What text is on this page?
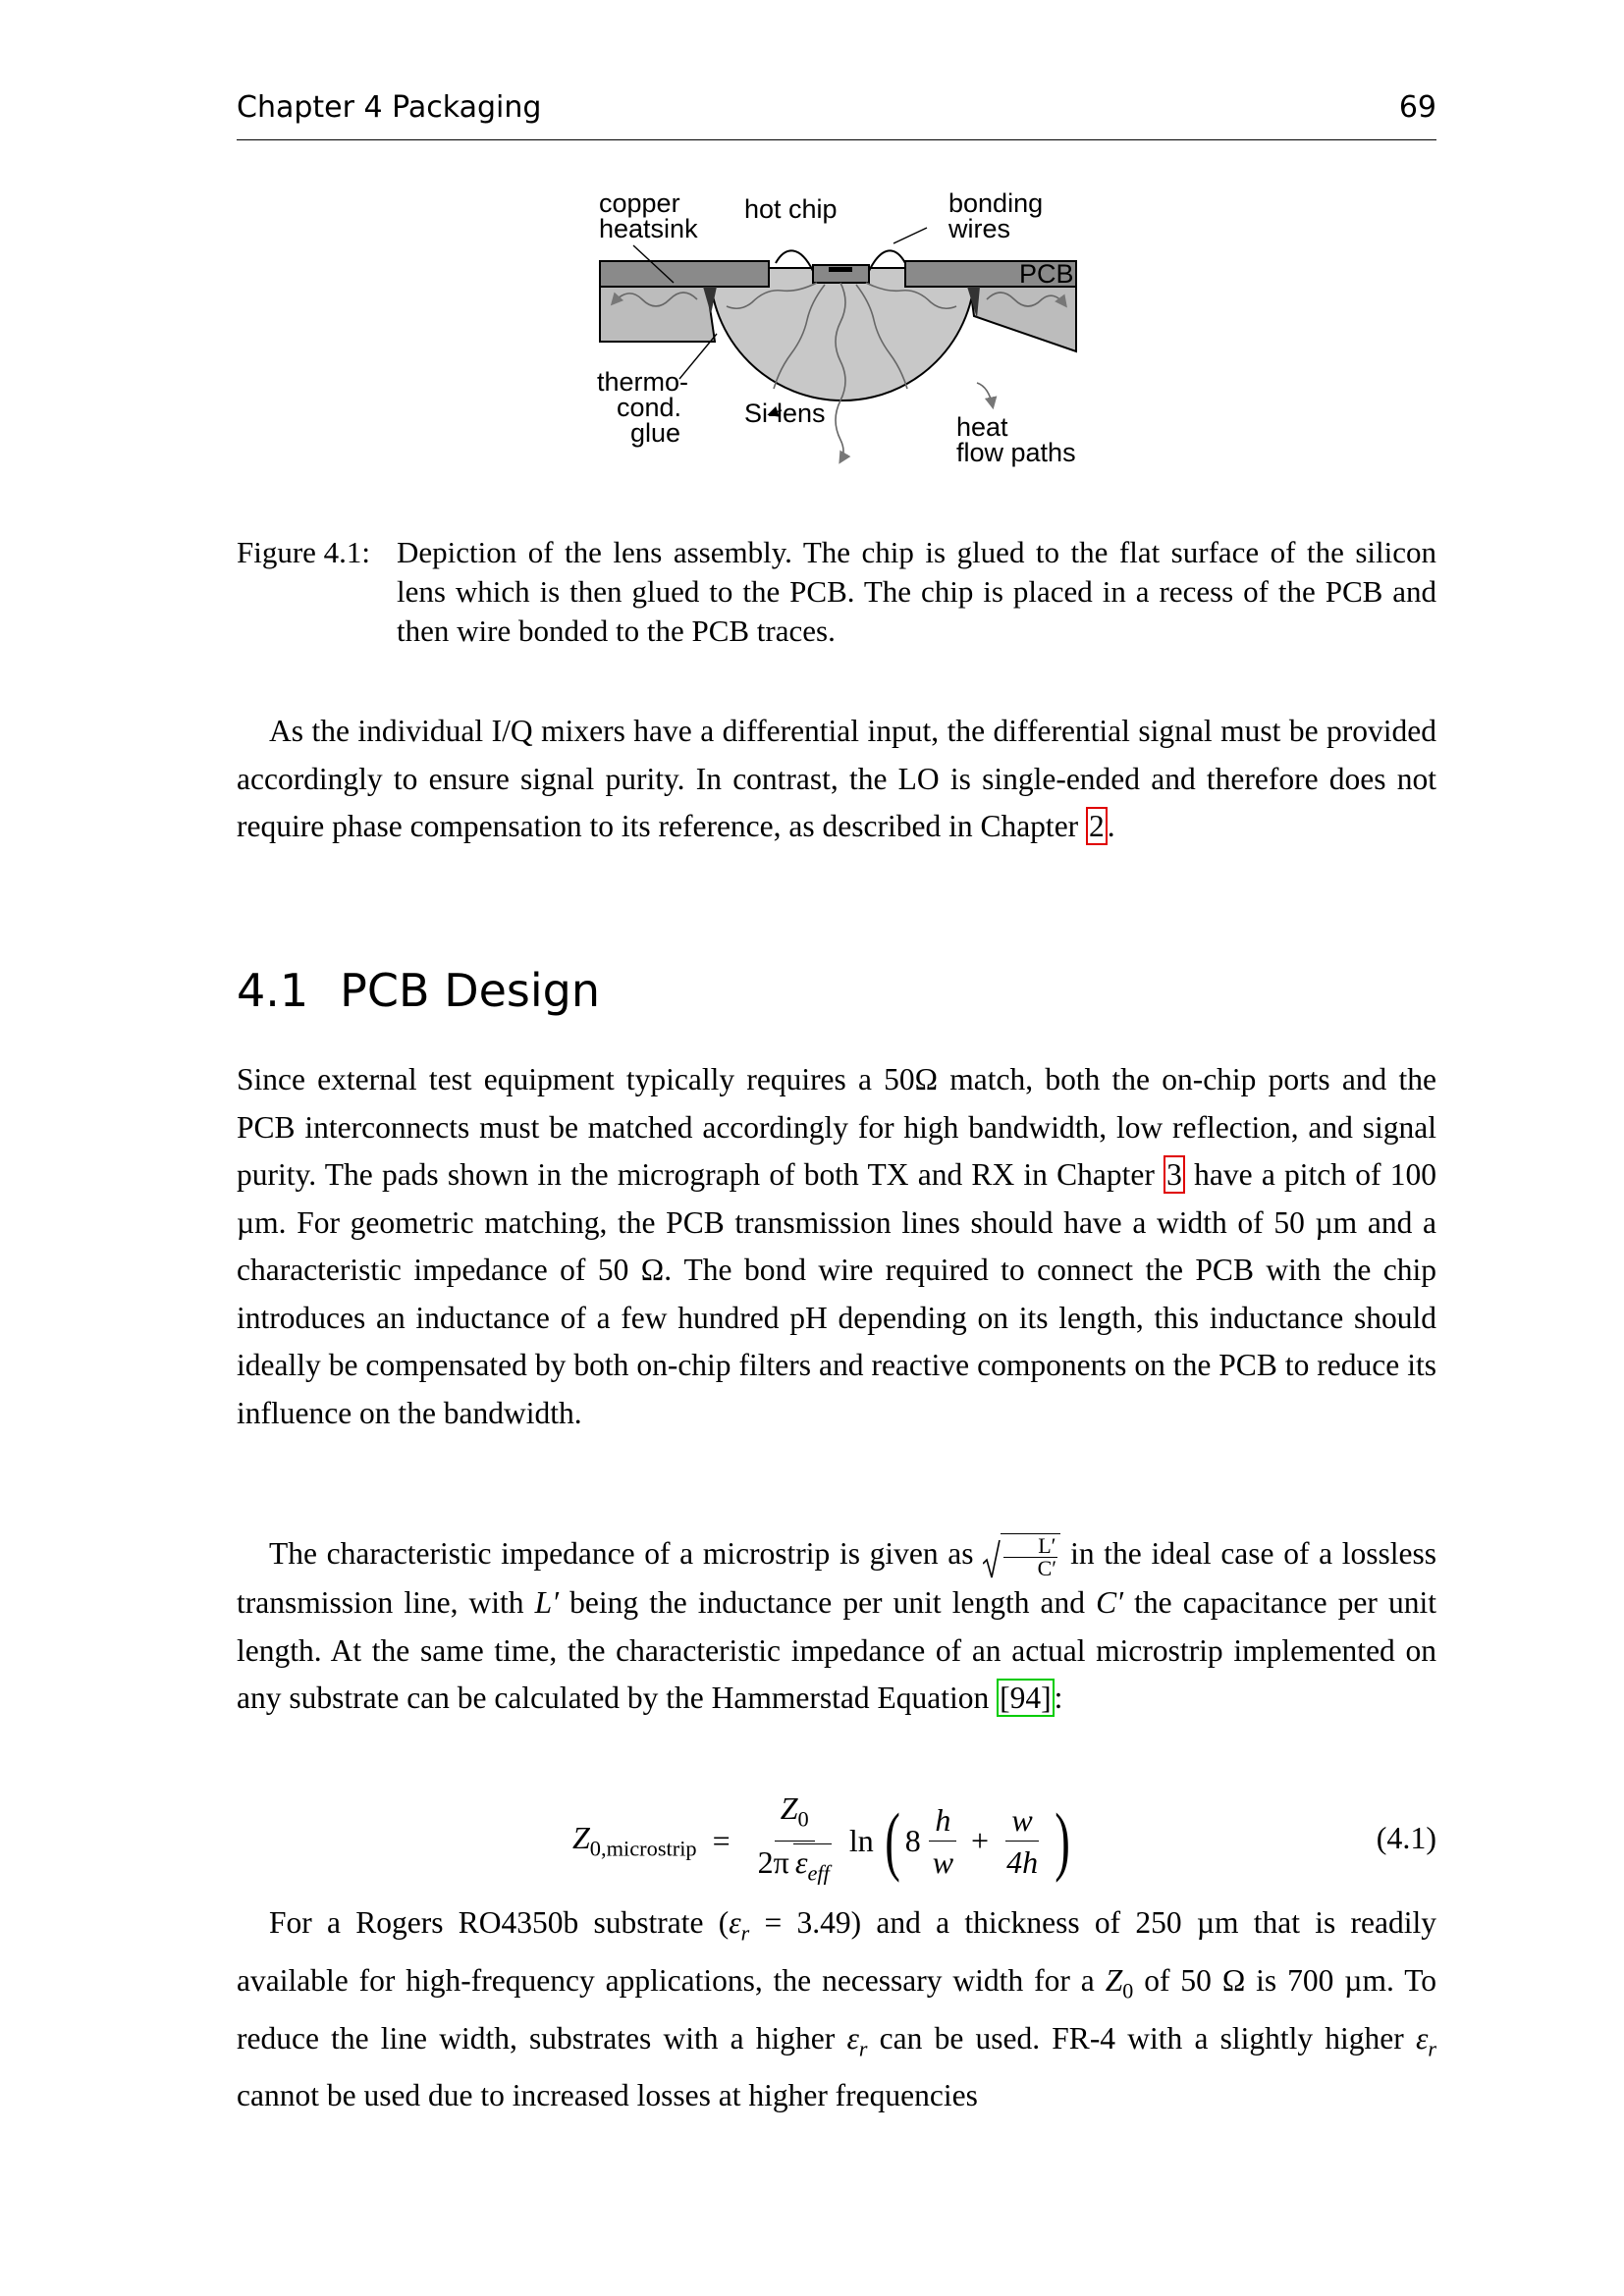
Chapter 4 Packaging	69
copper
heatsink
hot chip	bonding
wires
PCB
thermo-
cond.
glue
Si-lens	heat
flow paths
Figure 4.1: Depiction of the lens assembly. The chip is glued to the flat surface of the silicon lens which is then glued to the PCB. The chip is placed in a recess of the PCB and then wire bonded to the PCB traces.

As the individual I/Q mixers have a differential input, the differential signal must be provided accordingly to ensure signal purity. In contrast, the LO is single-ended and therefore does not require phase compensation to its reference, as described in Chapter 2.

4.1 PCB Design

Since external test equipment typically requires a 50Ω match, both the on-chip ports and the PCB interconnects must be matched accordingly for high bandwidth, low reflection, and signal purity. The pads shown in the micrograph of both TX and RX in Chapter 3 have a pitch of 100 µm. For geometric matching, the PCB transmission lines should have a width of 50 µm and a characteristic impedance of 50 Ω. The bond wire required to connect the PCB with the chip introduces an inductance of a few hundred pH depending on its length, this inductance should ideally be compensated by both on-chip filters and reactive components on the PCB to reduce its influence on the bandwidth.

The characteristic impedance of a microstrip is given as $\frac{L'}{C'}$ in the ideal case of a lossless transmission line, with L′ being the inductance per unit length and C′ the capacitance per unit length. At the same time, the characteristic impedance of an actual microstrip implemented on any substrate can be calculated by the Hammerstad Equation [94]:

$Z_{0,microstrip} = \frac{Z_0}{2\pi \varepsilon_{eff}}$ ln ( $8 \frac{h}{w} + \frac{w}{4h}$ )	(4.1)

For a Rogers RO4350b substrate $(\varepsilon_r = 3.49)$ and a thickness of 250 µm that is readily available for high-frequency applications, the necessary width for a $Z_0$ of 50 Ω is 700 µm. To reduce the line width, substrates with a higher $\varepsilon_r$ can be used. FR-4 with a slightly higher $\varepsilon_r$ cannot be used due to increased losses at higher frequencies
